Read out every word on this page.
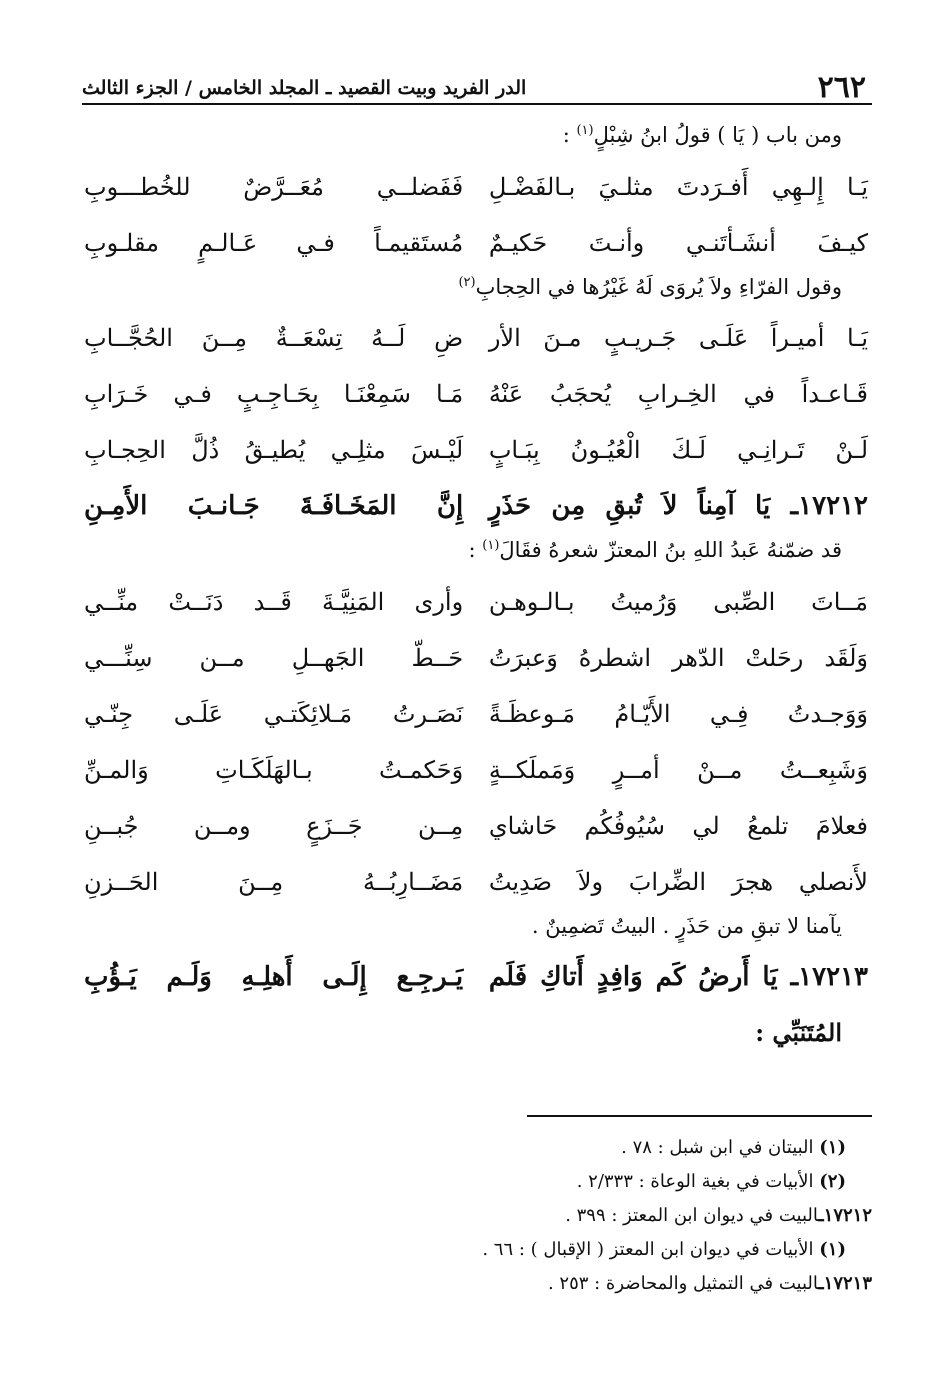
٢٦٢
الدر الفريد وبيت القصيد ـ المجلد الخامس / الجزء الثالث

ومن باب ( يَا ) قولُ ابنُ شِبْلٍ$^{(١)}$ :

يَـا إِلـهِي أَفـرَدتَ مثلـيَ بـالفَضْـلِ
فَفَضلــي مُعَــرَّضٌ للخُطـــوبِ
كيـفَ أنشَـأتَنـي وأنـتَ حَكيـمٌ
مُستَقيمـاً فـي عَـالـمٍ مقلـوبِ

وقول الفرّاءِ ولاَ يُروَى لَهُ غَيْرُها في الحِجابِ$^{(٢)}$

يَـا أميـراً عَلَـى جَـريـبٍ مـنَ الأر
ضِ لَــهُ تِسْعَــةٌ مِــنَ الحُجَّــابِ
قَـاعـداً في الخِـرابِ يُحجَبُ عَنْهُ
مَـا سَمِعْنَـا بِحَـاجِـبٍ فـي خَـرَابِ
لَـنْ تَـرانِـي لَـكَ الْعُيُـونُ بِبَـابٍ
لَيْـسَ مثلِـي يُطيـقُ ذُلَّ الحِجـابِ
١٧٢١٢ـ يَا آمِناً لاَ تُبقِ مِن حَذَرٍ
إِنَّ المَخَـافَـةَ جَـانـبَ الأَمِـنِ

قد ضمّنهُ عَبدُ اللهِ بنُ المعتزّ شعرهُ فقَالَ$^{(١)}$ :

مَــاتَ الصِّبى وَرُميتُ بـالـوهـن
وأرى المَنِيَّـةَ قَــد دَنَــتْ منِّــي
وَلَقَد رحَلتْ الدّهر اشطرهُ وَعبرَتُ
حَــطّ الجَهــلِ مــن سِنِّـــي
وَوَجـدتُ فِـي الأَيّـامُ مَـوعظَـةً
نَصَـرتُ مَـلائِكَتـي عَلَـى جِنّـي
وَشَبِعــتُ مــنْ أمــرٍ وَمَملَكــةٍ
وَحَكمـتُ بـالهَلَكَـاتِ وَالمـنِّ
فعلامَ تلمعُ لي سُيُوفُكُم حَاشاي
مِــن جَــزَعٍ ومــن جُبــنِ
لأَنصلي هجرَ الضِّرابَ ولاَ صَدِيتُ
مَضَــارِبُــهُ مِــنَ الحَــزنِ

يآمنا لا تبقِ من حَذَرٍ . البيتُ تَضمِينٌ .

١٧٢١٣ـ يَا أَرضُ كَم وَافِدٍ أَتاكِ فَلَم
يَـرجِـع إِلَـى أَهلِـهِ وَلَـم يَـؤُبِ
المُتَنَبِّي :
(١) البيتان في ابن شبل : ٧٨ .
(٢) الأبيات في بغية الوعاة : ٢/٣٣٣ .
١٧٢١٢ـالبيت في ديوان ابن المعتز : ٣٩٩ .
(١) الأبيات في ديوان ابن المعتز ( الإقبال ) : ٦٦ .
١٧٢١٣ـالبيت في التمثيل والمحاضرة : ٢٥٣ .
